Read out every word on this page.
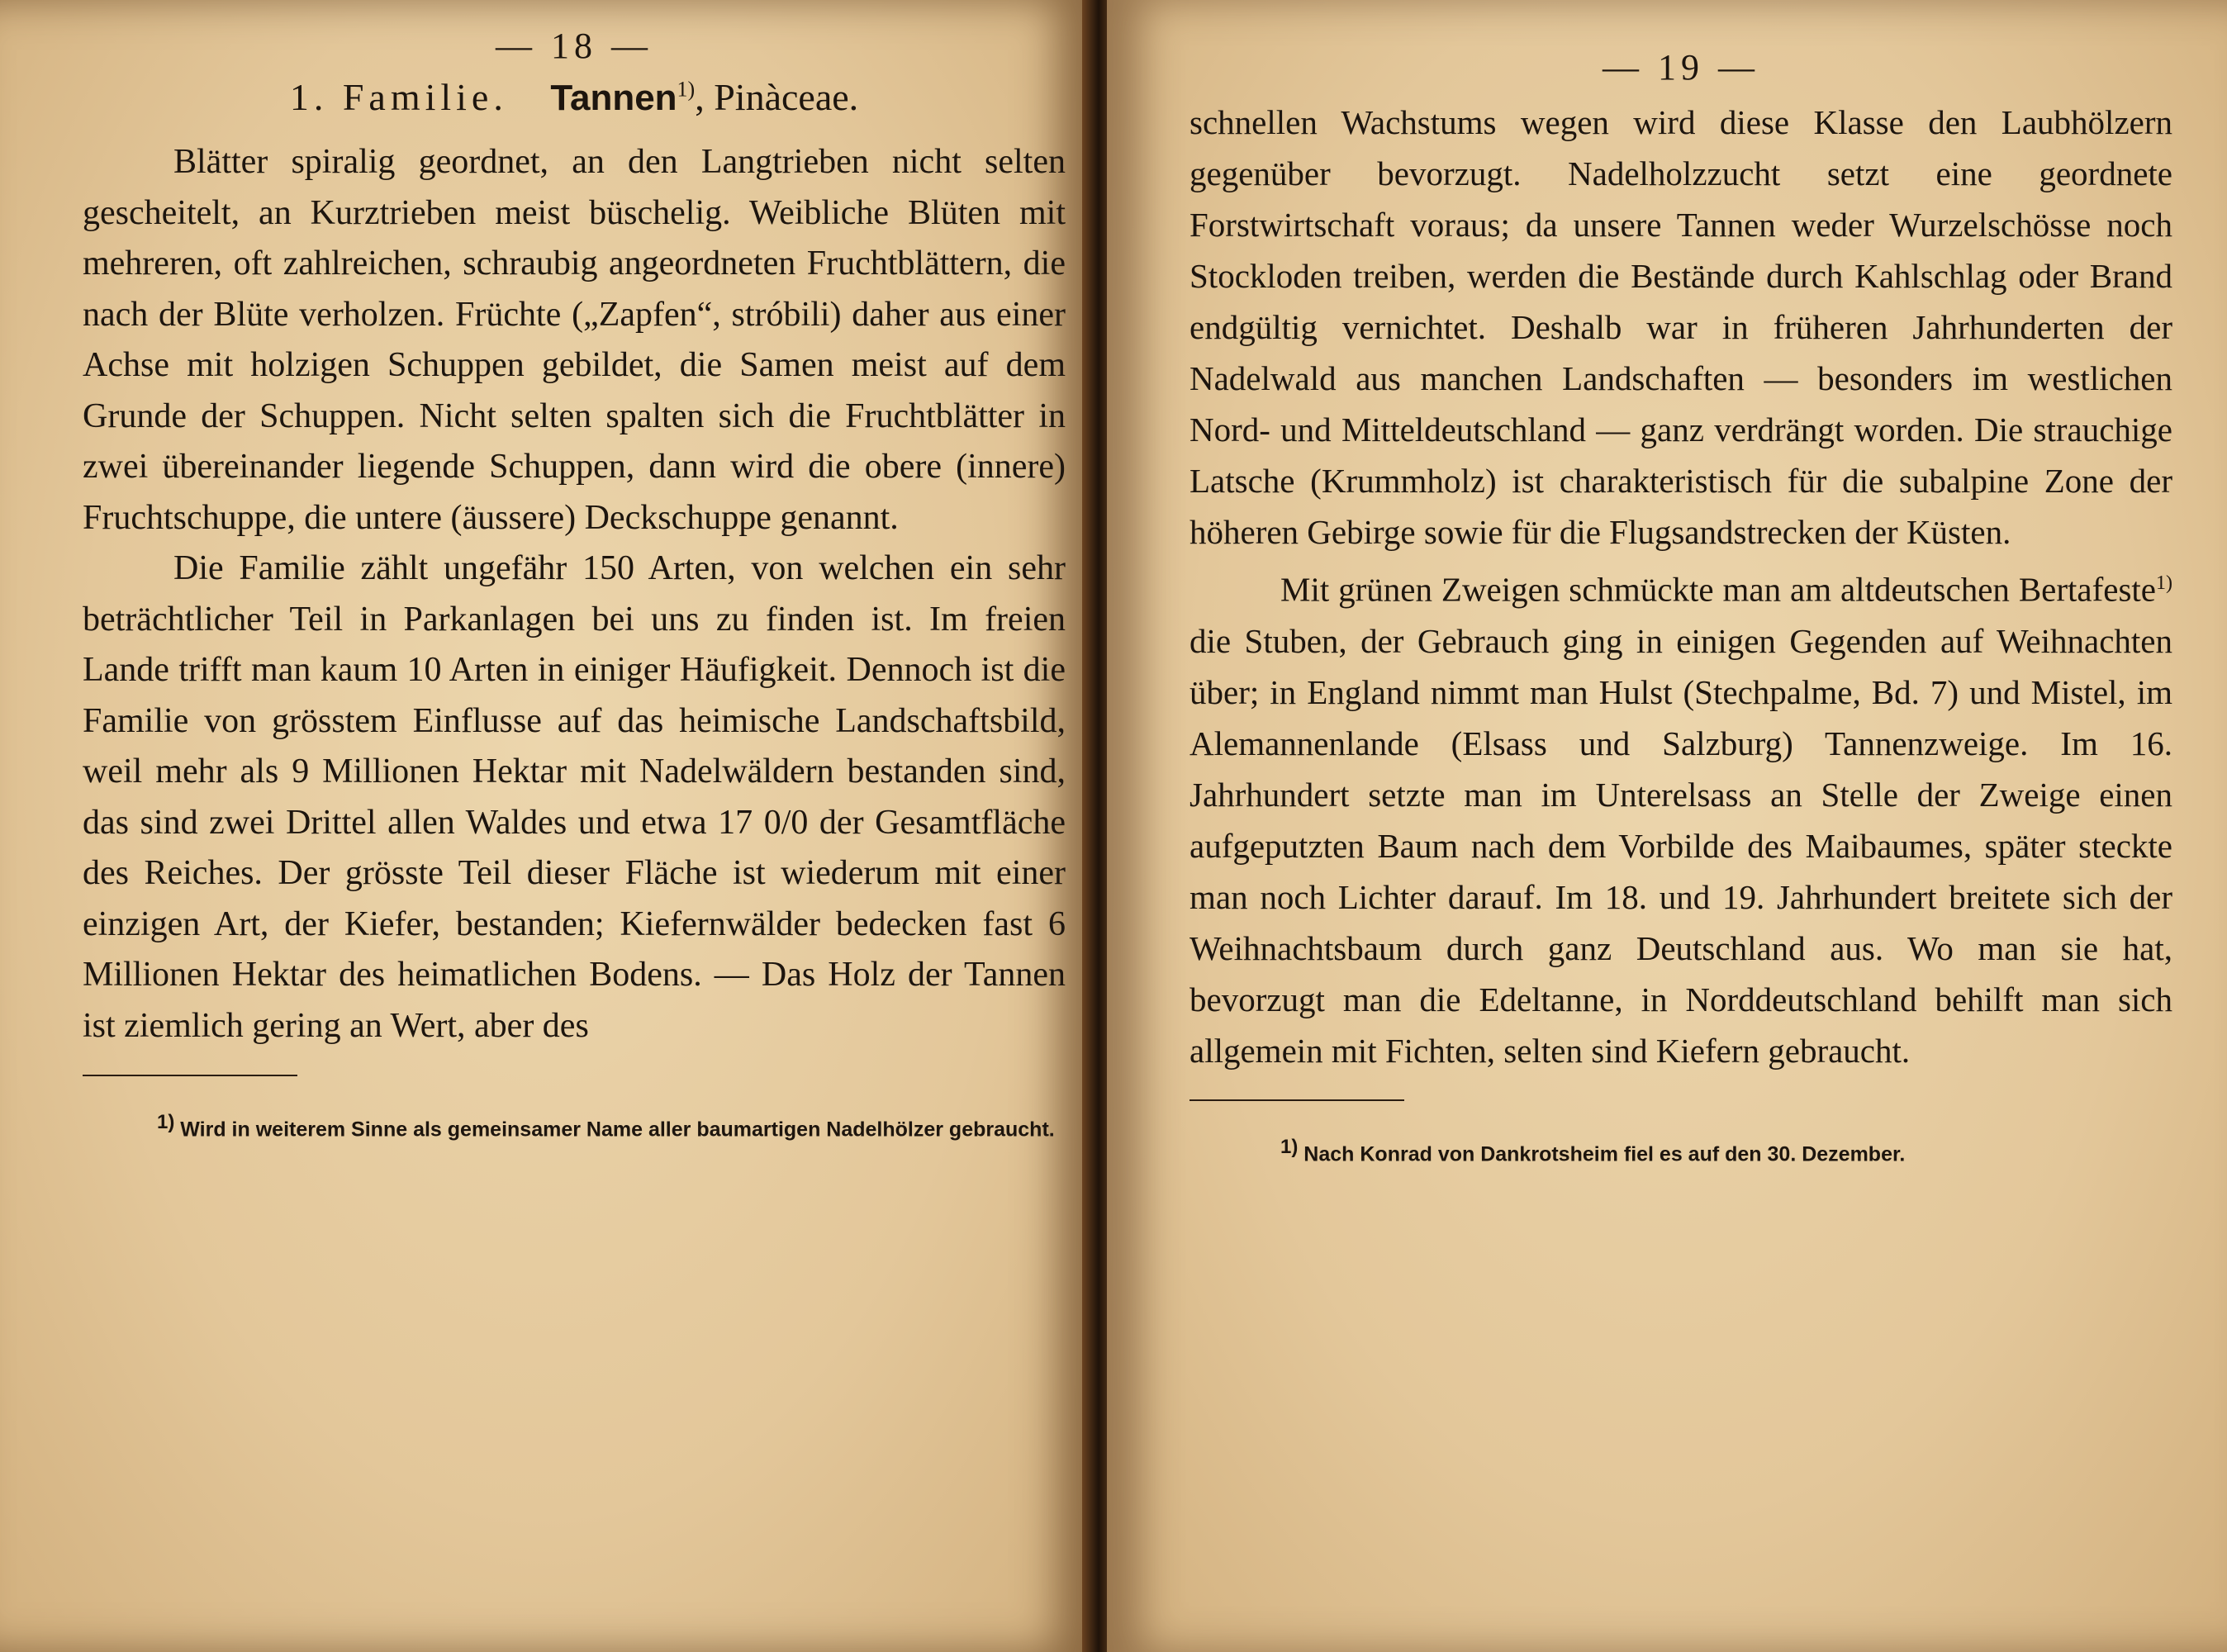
— 18 —
1. Familie. Tannen$^{1)}$, Pinàceae.

Blätter spiralig geordnet, an den Langtrieben nicht selten gescheitelt, an Kurztrieben meist büschelig. Weibliche Blüten mit mehreren, oft zahlreichen, schraubig angeordneten Fruchtblättern, die nach der Blüte verholzen. Früchte („Zapfen“, stróbili) daher aus einer Achse mit holzigen Schuppen gebildet, die Samen meist auf dem Grunde der Schuppen. Nicht selten spalten sich die Fruchtblätter in zwei übereinander liegende Schuppen, dann wird die obere (innere) Fruchtschuppe, die untere (äussere) Deckschuppe genannt.

Die Familie zählt ungefähr 150 Arten, von welchen ein sehr beträchtlicher Teil in Parkanlagen bei uns zu finden ist. Im freien Lande trifft man kaum 10 Arten in einiger Häufigkeit. Dennoch ist die Familie von grösstem Einflusse auf das heimische Landschaftsbild, weil mehr als 9 Millionen Hektar mit Nadelwäldern bestanden sind, das sind zwei Drittel allen Waldes und etwa 17 0/0 der Gesamtfläche des Reiches. Der grösste Teil dieser Fläche ist wiederum mit einer einzigen Art, der Kiefer, bestanden; Kiefernwälder bedecken fast 6 Millionen Hektar des heimatlichen Bodens. — Das Holz der Tannen ist ziemlich gering an Wert, aber des

$^{1)}$ Wird in weiterem Sinne als gemeinsamer Name aller baumartigen Nadelhölzer gebraucht.
— 19 —

schnellen Wachstums wegen wird diese Klasse den Laubhölzern gegenüber bevorzugt. Nadelholzzucht setzt eine geordnete Forstwirtschaft voraus; da unsere Tannen weder Wurzelschösse noch Stockloden treiben, werden die Bestände durch Kahlschlag oder Brand endgültig vernichtet. Deshalb war in früheren Jahrhunderten der Nadelwald aus manchen Landschaften — besonders im westlichen Nord- und Mitteldeutschland — ganz verdrängt worden. Die strauchige Latsche (Krummholz) ist charakteristisch für die subalpine Zone der höheren Gebirge sowie für die Flugsandstrecken der Küsten.

Mit grünen Zweigen schmückte man am altdeutschen Bertafeste$^{1)}$ die Stuben, der Gebrauch ging in einigen Gegenden auf Weihnachten über; in England nimmt man Hulst (Stechpalme, Bd. 7) und Mistel, im Alemannenlande (Elsass und Salzburg) Tannenzweige. Im 16. Jahrhundert setzte man im Unterelsass an Stelle der Zweige einen aufgeputzten Baum nach dem Vorbilde des Maibaumes, später steckte man noch Lichter darauf. Im 18. und 19. Jahrhundert breitete sich der Weihnachtsbaum durch ganz Deutschland aus. Wo man sie hat, bevorzugt man die Edeltanne, in Norddeutschland behilft man sich allgemein mit Fichten, selten sind Kiefern gebraucht.

$^{1)}$ Nach Konrad von Dankrotsheim fiel es auf den 30. Dezember.
